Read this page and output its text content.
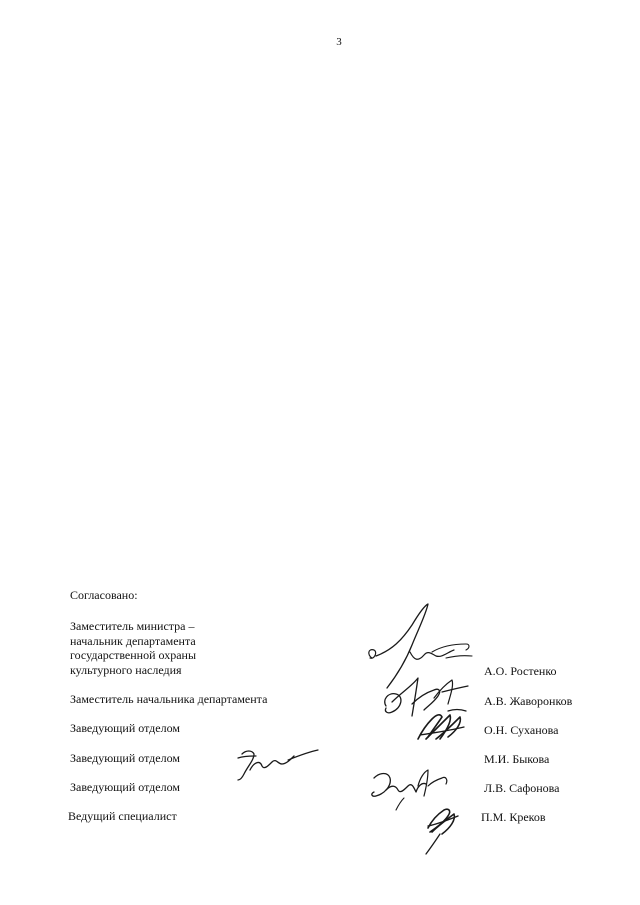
3
Согласовано:
Заместитель министра –
начальник департамента
государственной охраны
культурного наследия	А.О. Ростенко
Заместитель начальника департамента	А.В. Жаворонков
Заведующий отделом	О.Н. Суханова
Заведующий отделом	М.И. Быкова
Заведующий отделом	Л.В. Сафонова
Ведущий специалист	П.М. Креков
